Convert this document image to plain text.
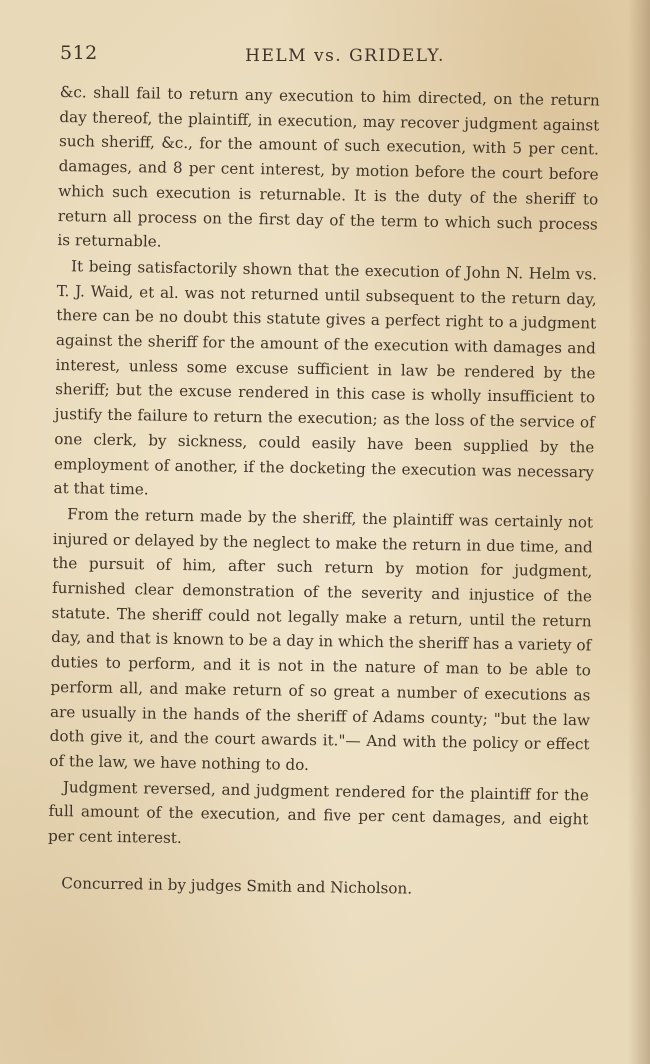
512	HELM vs. GRIDELY.

&c. shall fail to return any execution to him directed, on the return day thereof, the plaintiff, in execution, may recover judgment against such sheriff, &c., for the amount of such execution, with 5 per cent. damages, and 8 per cent interest, by motion before the court before which such execution is returnable. It is the duty of the sheriff to return all process on the first day of the term to which such process is returnable.

It being satisfactorily shown that the execution of John N. Helm vs. T. J. Waid, et al. was not returned until subsequent to the return day, there can be no doubt this statute gives a perfect right to a judgment against the sheriff for the amount of the execution with damages and interest, unless some excuse sufficient in law be rendered by the sheriff; but the excuse rendered in this case is wholly insufficient to justify the failure to return the execution; as the loss of the service of one clerk, by sickness, could easily have been supplied by the employment of another, if the docketing the execution was necessary at that time.

From the return made by the sheriff, the plaintiff was certainly not injured or delayed by the neglect to make the return in due time, and the pursuit of him, after such return by motion for judgment, furnished clear demonstration of the severity and injustice of the statute. The sheriff could not legally make a return, until the return day, and that is known to be a day in which the sheriff has a variety of duties to perform, and it is not in the nature of man to be able to perform all, and make return of so great a number of executions as are usually in the hands of the sheriff of Adams county; "but the law doth give it, and the court awards it."— And with the policy or effect of the law, we have nothing to do.

Judgment reversed, and judgment rendered for the plaintiff for the full amount of the execution, and five per cent damages, and eight per cent interest.

Concurred in by judges Smith and Nicholson.
